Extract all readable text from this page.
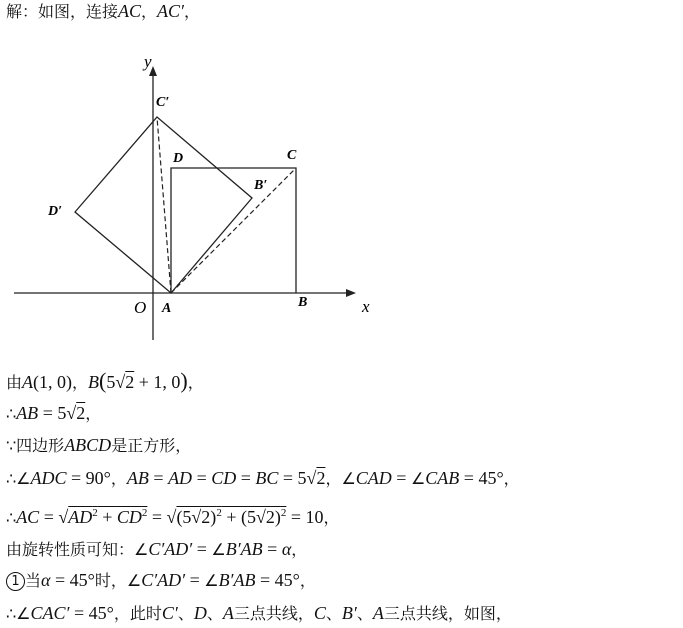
解：如图，连接AC，AC′，
y
x
O A	B
C
D
B′
C′
D′
由A(1, 0)，B(5√2 + 1, 0)，
∴AB = 5√2，
∵四边形ABCD是正方形，
∴∠ADC = 90°，AB = AD = CD = BC = 5√2，∠CAD = ∠CAB = 45°，
∴AC = $√AD^2 + CD^2 = √(5√2)^2 + (5√2)^2 = 10$，
由旋转性质可知：∠C′AD′ = ∠B′AB = α，
1 当α = 45°时，∠C′AD′ = ∠B′AB = 45°，
∴∠CAC′ = 45°，此时C′、D、A三点共线，C、B′、A三点共线，如图，
